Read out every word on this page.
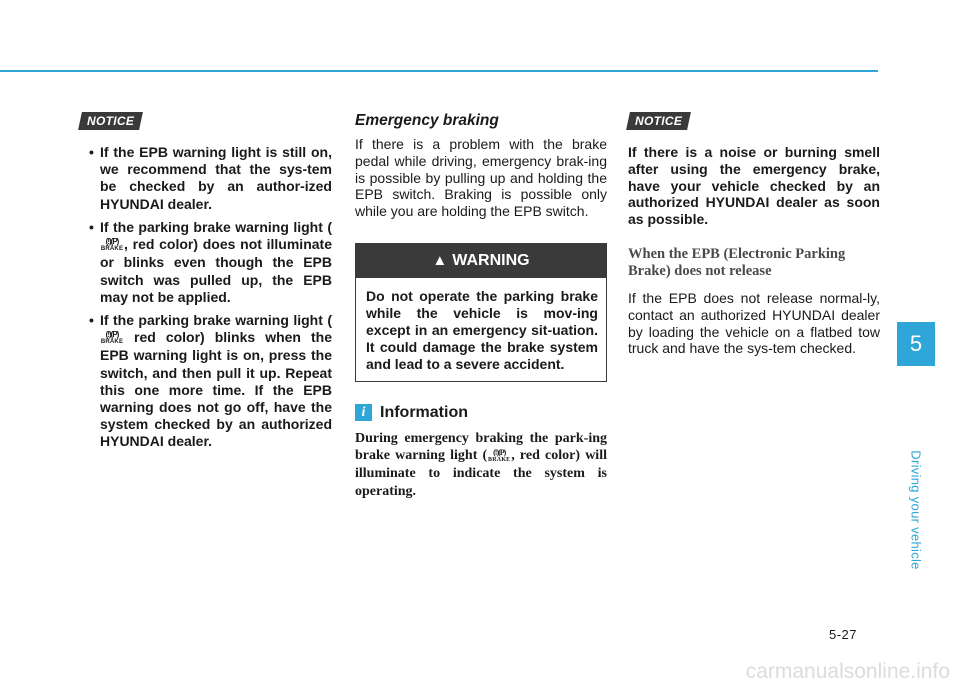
NOTICE
• If the EPB warning light is still on, we recommend that the sys-tem be checked by an author-ized HYUNDAI dealer.
• If the parking brake warning light (
(!)(P)
BRAKE , red color) does not illuminate or blinks even though the EPB switch was pulled up, the EPB may not be applied.
• If the parking brake warning light (
(!)(P)
BRAKE red color) blinks when the EPB warning light is on, press the switch, and then pull it up. Repeat this one more time. If the EPB warning does not go off, have the system checked by an authorized HYUNDAI dealer.
Emergency braking

If there is a problem with the brake pedal while driving, emergency brak-ing is possible by pulling up and holding the EPB switch. Braking is possible only while you are holding the EPB switch.

▲ WARNING
Do not operate the parking brake while the vehicle is mov-ing except in an emergency sit-uation. It could damage the brake system and lead to a severe accident.
i Information
During emergency braking the park-ing brake warning light ( (!)(P)
BRAKE , red color) will illuminate to indicate the system is operating.
NOTICE

If there is a noise or burning smell after using the emergency brake, have your vehicle checked by an authorized HYUNDAI dealer as soon as possible.

When the EPB (Electronic Parking Brake) does not release

If the EPB does not release normal-ly, contact an authorized HYUNDAI dealer by loading the vehicle on a flatbed tow truck and have the sys-tem checked.	5
Driving your vehicle
5-27
carmanualsonline.info
